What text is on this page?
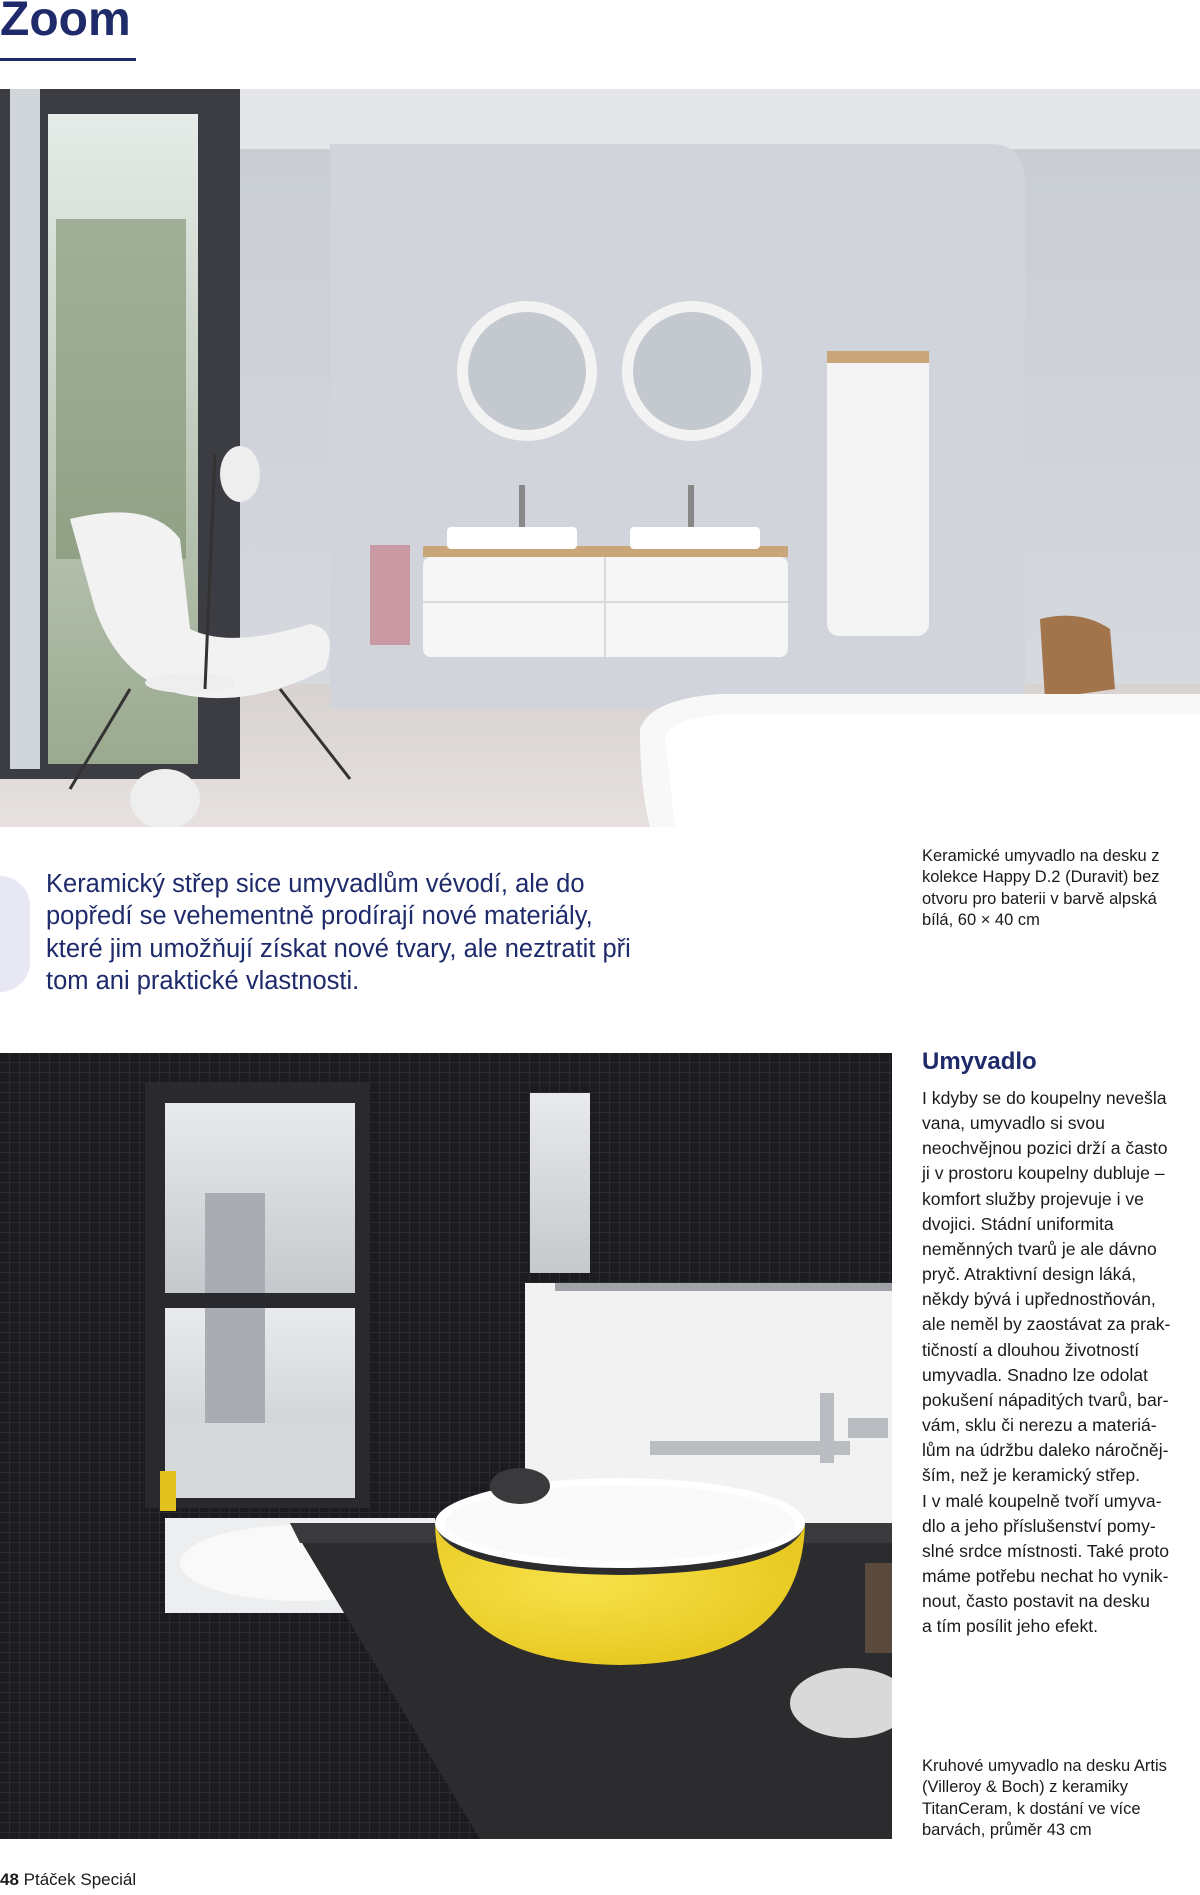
Zoom
Keramický střep sice umyvadlům vévodí, ale do popředí se vehementně prodírají nové materiály, které jim umožňují získat nové tvary, ale neztratit při tom ani praktické vlastnosti.
Keramické umyvadlo na desku z kolekce Happy D.2 (Duravit) bez otvoru pro baterii v barvě alpská bílá, 60 × 40 cm
Umyvadlo
I kdyby se do koupelny nevešla
vana, umyvadlo si svou
neochvějnou pozici drží a často
ji v prostoru koupelny dubluje –
komfort služby projevuje i ve
dvojici. Stádní uniformita
neměnných tvarů je ale dávno
pryč. Atraktivní design láká,
někdy bývá i upřednostňován,
ale neměl by zaostávat za prak-
tičností a dlouhou životností
umyvadla. Snadno lze odolat
pokušení nápaditých tvarů, bar-
vám, sklu či nerezu a materiá-
lům na údržbu daleko náročněj-
ším, než je keramický střep.
I v malé koupelně tvoří umyva-
dlo a jeho příslušenství pomy-
slné srdce místnosti. Také proto
máme potřebu nechat ho vynik-
nout, často postavit na desku
a tím posílit jeho efekt.
Kruhové umyvadlo na desku Artis (Villeroy & Boch) z keramiky TitanCeram, k dostání ve více barvách, průměr 43 cm
48 Ptáček Speciál
